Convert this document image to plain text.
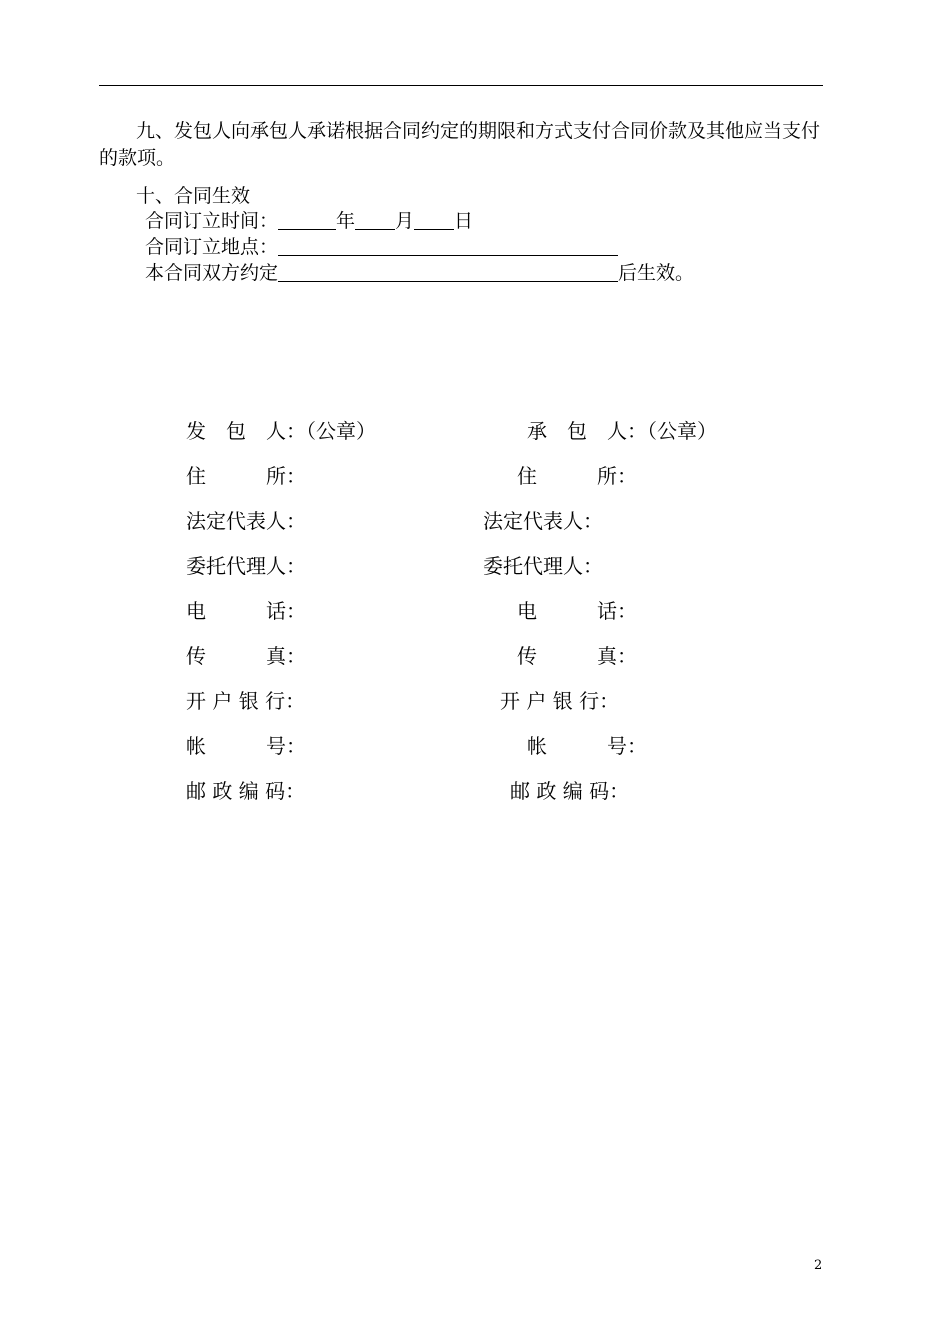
九、发包人向承包人承诺根据合同约定的期限和方式支付合同价款及其他应当支付的款项。
十、合同生效
合同订立时间：	年 月 日
合同订立地点：
本合同双方约定	后生效。
发　包　人：（公章）
住　　　所：
法定代表人：
委托代理人：
电　　　话：
传　　　真：
开 户 银 行：
帐　　　号：
邮 政 编 码：
承　包　人：（公章）
住　　　所：
法定代表人：
委托代理人：
电　　　话：
传　　　真：
开 户 银 行：
帐　　　号：
邮 政 编 码：
2
